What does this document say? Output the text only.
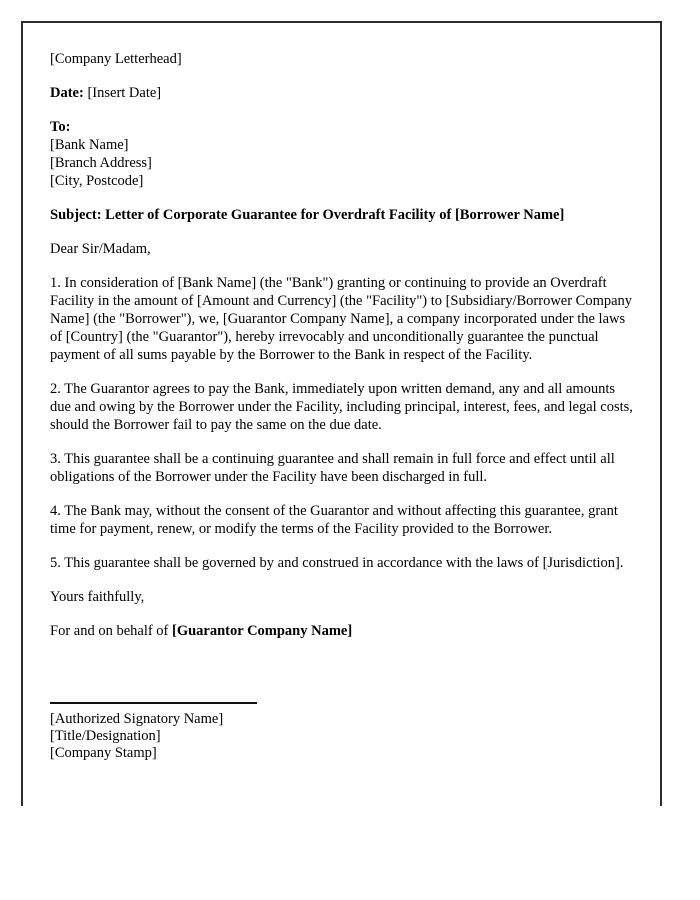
[Company Letterhead]

Date: [Insert Date]

To:
[Bank Name]
[Branch Address]
[City, Postcode]

Subject: Letter of Corporate Guarantee for Overdraft Facility of [Borrower Name]

Dear Sir/Madam,

1. In consideration of [Bank Name] (the "Bank") granting or continuing to provide an Overdraft Facility in the amount of [Amount and Currency] (the "Facility") to [Subsidiary/Borrower Company Name] (the "Borrower"), we, [Guarantor Company Name], a company incorporated under the laws of [Country] (the "Guarantor"), hereby irrevocably and unconditionally guarantee the punctual payment of all sums payable by the Borrower to the Bank in respect of the Facility.

2. The Guarantor agrees to pay the Bank, immediately upon written demand, any and all amounts due and owing by the Borrower under the Facility, including principal, interest, fees, and legal costs, should the Borrower fail to pay the same on the due date.

3. This guarantee shall be a continuing guarantee and shall remain in full force and effect until all obligations of the Borrower under the Facility have been discharged in full.

4. The Bank may, without the consent of the Guarantor and without affecting this guarantee, grant time for payment, renew, or modify the terms of the Facility provided to the Borrower.

5. This guarantee shall be governed by and construed in accordance with the laws of [Jurisdiction].

Yours faithfully,

For and on behalf of [Guarantor Company Name]

[Authorized Signatory Name]
[Title/Designation]
[Company Stamp]
